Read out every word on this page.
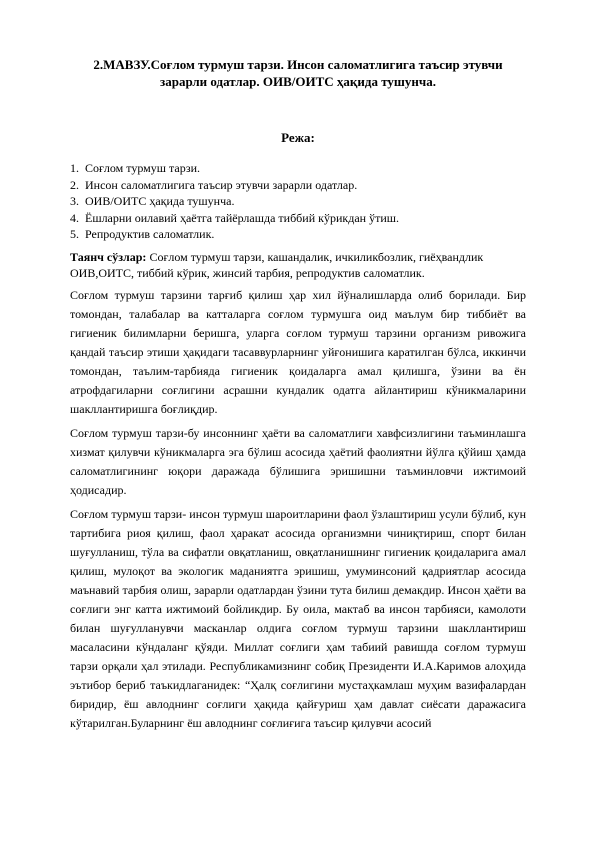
2.МАВЗУ.Соғлом турмуш тарзи. Инсон саломатлигига таъсир этувчи зарарли одатлар. ОИВ/ОИТС ҳақида тушунча.
Режа:
1. Соғлом турмуш тарзи.
2. Инсон саломатлигига таъсир этувчи зарарли одатлар.
3. ОИВ/ОИТС ҳақида тушунча.
4. Ёшларни оилавий ҳаётга тайёрлашда тиббий кўрикдан ўтиш.
5. Репродуктив саломатлик.

Таянч сўзлар: Соғлом турмуш тарзи, кашандалик, ичкиликбозлик, гиёҳвандлик ОИВ,ОИТС, тиббий кўрик, жинсий тарбия, репродуктив саломатлик.

Соғлом турмуш тарзини тарғиб қилиш ҳар хил йўналишларда олиб борилади. Бир томондан, талабалар ва катталарга соғлом турмушга оид маълум бир тиббиёт ва гигиеник билимларни беришга, уларга соғлом турмуш тарзини организм ривожига қандай таъсир этиши ҳақидаги тасаввурларнинг уйғонишига каратилган бўлса, иккинчи томондан, таълим-тарбияда гигиеник қоидаларга амал қилишга, ўзини ва ён атрофдагиларни соғлигини асрашни кундалик одатга айлантириш кўникмаларини шакллантиришга боғлиқдир.

Соғлом турмуш тарзи-бу инсоннинг ҳаёти ва саломатлиги хавфсизлигини таъминлашга хизмат қилувчи кўникмаларга эга бўлиш асосида ҳаётий фаолиятни йўлга қўйиш ҳамда саломатлигининг юқори даражада бўлишига эришишни таъминловчи ижтимоий ҳодисадир.

Соғлом турмуш тарзи- инсон турмуш шароитларини фаол ўзлаштириш усули бўлиб, кун тартибига риоя қилиш, фаол ҳаракат асосида организмни чиниқтириш, спорт билан шуғулланиш, тўла ва сифатли овқатланиш, овқатланишнинг гигиеник қоидаларига амал қилиш, мулоқот ва экологик маданиятга эришиш, умуминсоний қадриятлар асосида маънавий тарбия олиш, зарарли одатлардан ўзини тута билиш демакдир. Инсон ҳаёти ва соғлиги энг катта ижтимоий бойликдир. Бу оила, мактаб ва инсон тарбияси, камолоти билан шуғулланувчи масканлар олдига соғлом турмуш тарзини шакллантириш масаласини кўндаланг қўяди. Миллат соғлиги ҳам табиий равишда соғлом турмуш тарзи орқали ҳал этилади. Республикамизнинг собиқ Президенти И.А.Каримов алоҳида эътибор бериб таъкидлаганидек: “Ҳалқ соғлигини мустаҳкамлаш муҳим вазифалардан биридир, ёш авлоднинг соғлиги ҳақида қайғуриш ҳам давлат сиёсати даражасига кўтарилган.Буларнинг ёш авлоднинг соғлиғига таъсир қилувчи асосий
